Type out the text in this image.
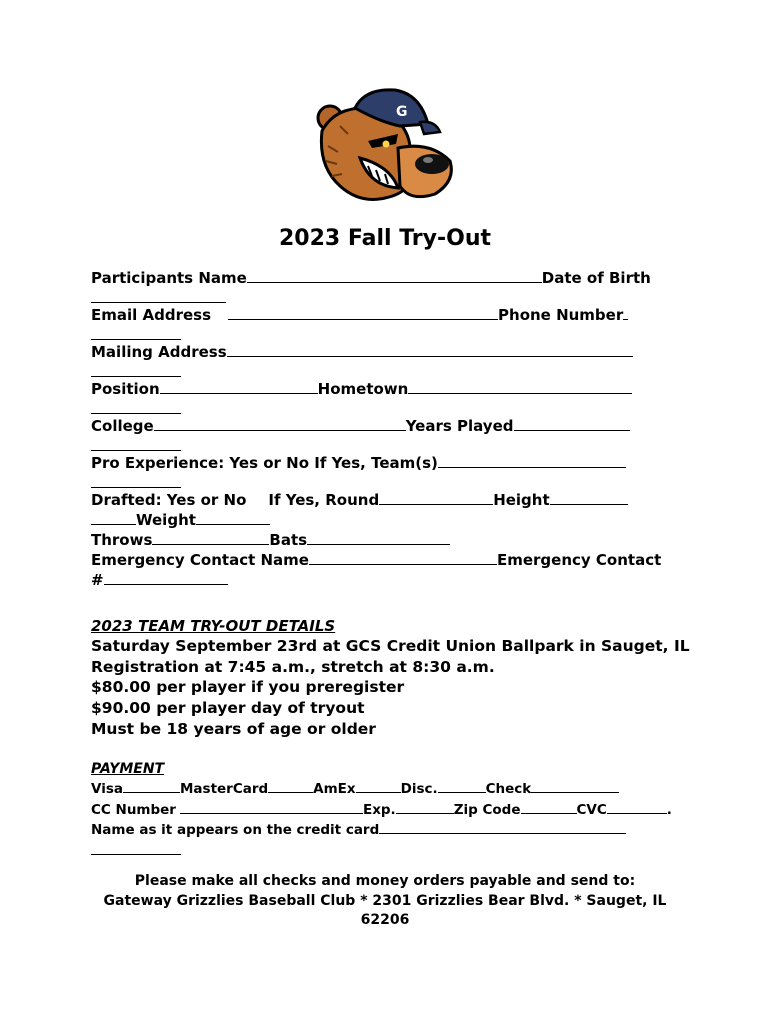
G
2023 Fall Try-Out
Participants Name	Date of Birth
Email Address	Phone Number
Mailing Address
Position	Hometown
College	Years Played
Pro Experience: Yes or No If Yes, Team(s)
Drafted: Yes or No If Yes, Round	Height
Weight
Throws	Bats
Emergency Contact Name	Emergency Contact
#
2023 TEAM TRY-OUT DETAILS
Saturday September 23rd at GCS Credit Union Ballpark in Sauget, IL
Registration at 7:45 a.m., stretch at 8:30 a.m.
$80.00 per player if you preregister
$90.00 per player day of tryout
Must be 18 years of age or older
PAYMENT
Visa	MasterCard	AmEx	Disc.	Check
CC Number	Exp.	Zip Code	CVC	.
Name as it appears on the credit card
Please make all checks and money orders payable and send to:
Gateway Grizzlies Baseball Club * 2301 Grizzlies Bear Blvd. * Sauget, IL
62206
